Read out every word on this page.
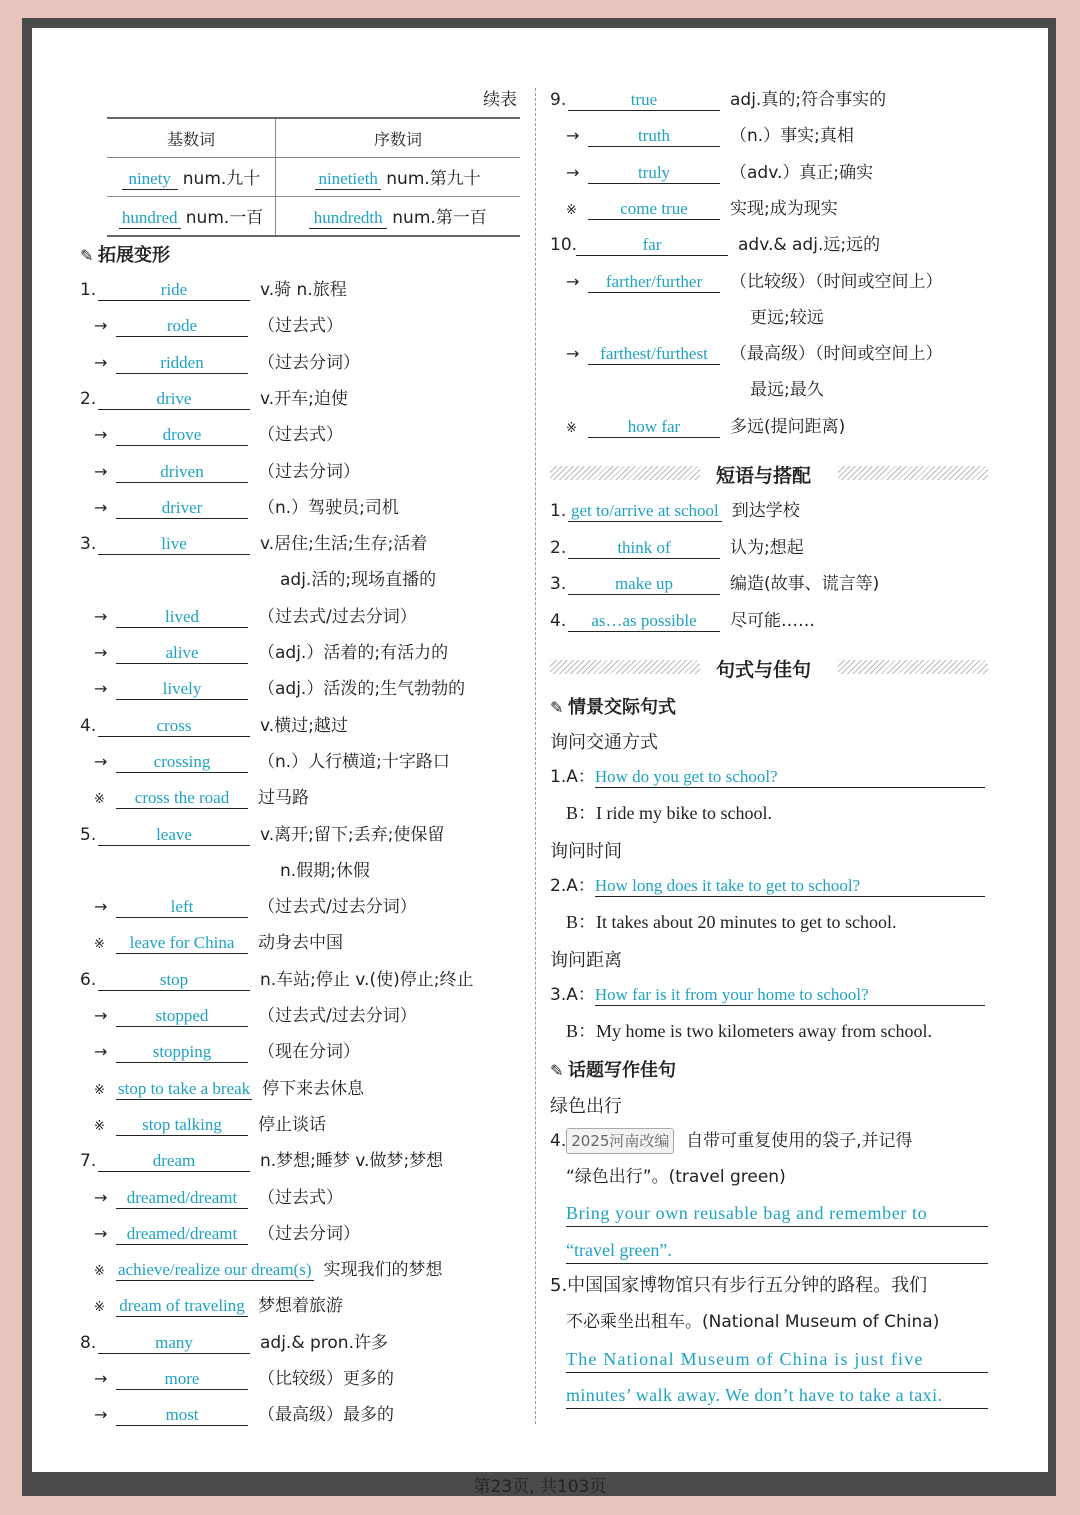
续表
基数词	序数词
ninety num.九十	ninetieth num.第九十
hundred num.一百	hundredth num.第一百
✎ 拓展变形
1.	ride	v.骑 n.旅程
→	rode	（过去式）
→	ridden	（过去分词）
2.	drive	v.开车;迫使
→	drove	（过去式）
→	driven	（过去分词）
→	driver	（n.）驾驶员;司机
3.	live	v.居住;生活;生存;活着
adj.活的;现场直播的
→	lived	（过去式/过去分词）
→	alive	（adj.）活着的;有活力的
→	lively	（adj.）活泼的;生气勃勃的
4.	cross	v.横过;越过
→	crossing	（n.）人行横道;十字路口
※ cross the road 过马路
5.	leave	v.离开;留下;丢弃;使保留
n.假期;休假
→	left	（过去式/过去分词）
※ leave for China 动身去中国
6.	stop	n.车站;停止 v.(使)停止;终止
→	stopped	（过去式/过去分词）
→	stopping	（现在分词）
※ stop to take a break 停下来去休息
※ stop talking 停止谈话
7.	dream	n.梦想;睡梦 v.做梦;梦想
→ dreamed/dreamt （过去式）
→ dreamed/dreamt （过去分词）
※ achieve/realize our dream(s) 实现我们的梦想
※ dream of traveling 梦想着旅游
8.	many	adj.& pron.许多
→	more	（比较级）更多的
→	most	（最高级）最多的
9.	true	adj.真的;符合事实的
→	truth	（n.）事实;真相
→	truly	（adv.）真正;确实
※	come true 实现;成为现实
10.	far	adv.& adj.远;远的
→ farther/further （比较级）（时间或空间上）
更远;较远
→ farthest/furthest （最高级）（时间或空间上）
最远;最久
※	how far	多远(提问距离)
短语与搭配
1. get to/arrive at school 到达学校
2.	think of	认为;想起
3.	make up	编造(故事、谎言等)
4. as…as possible 尽可能……
句式与佳句
✎ 情景交际句式
询问交通方式
1.A：How do you get to school?
B：I ride my bike to school.
询问时间
2.A：How long does it take to get to school?
B：It takes about 20 minutes to get to school.
询问距离
3.A：How far is it from your home to school?
B：My home is two kilometers away from school.
✎ 话题写作佳句
绿色出行
4. 2025河南改编 自带可重复使用的袋子,并记得
“绿色出行”。(travel green)
Bring your own reusable bag and remember to
“travel green”.
5.中国国家博物馆只有步行五分钟的路程。我们
不必乘坐出租车。(National Museum of China)
The National Museum of China is just five
minutes’ walk away. We don’t have to take a taxi.
第23页, 共103页
